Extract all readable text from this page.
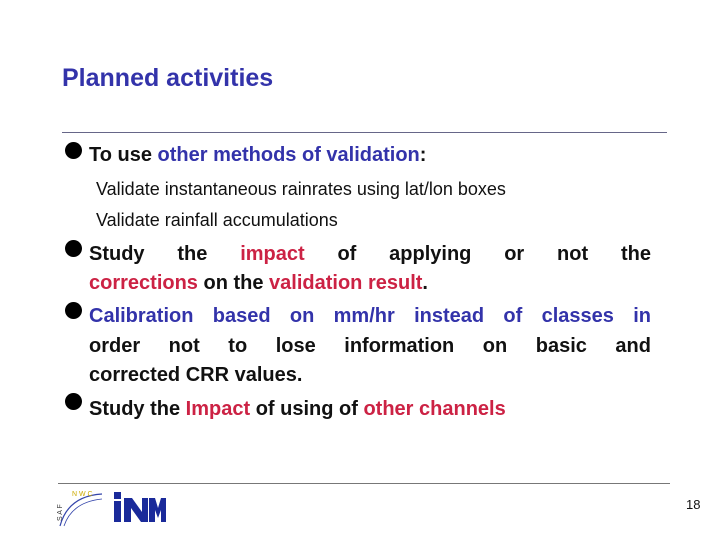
Planned activities
To use other methods of validation:
Validate instantaneous rainrates using lat/lon boxes
Validate rainfall accumulations
Study the impact of applying or not the
corrections on the validation result.
Calibration based on mm/hr instead of classes in
order not to lose information on basic and
corrected CRR values.
Study the Impact of using of other channels
S A F
N W C
18
